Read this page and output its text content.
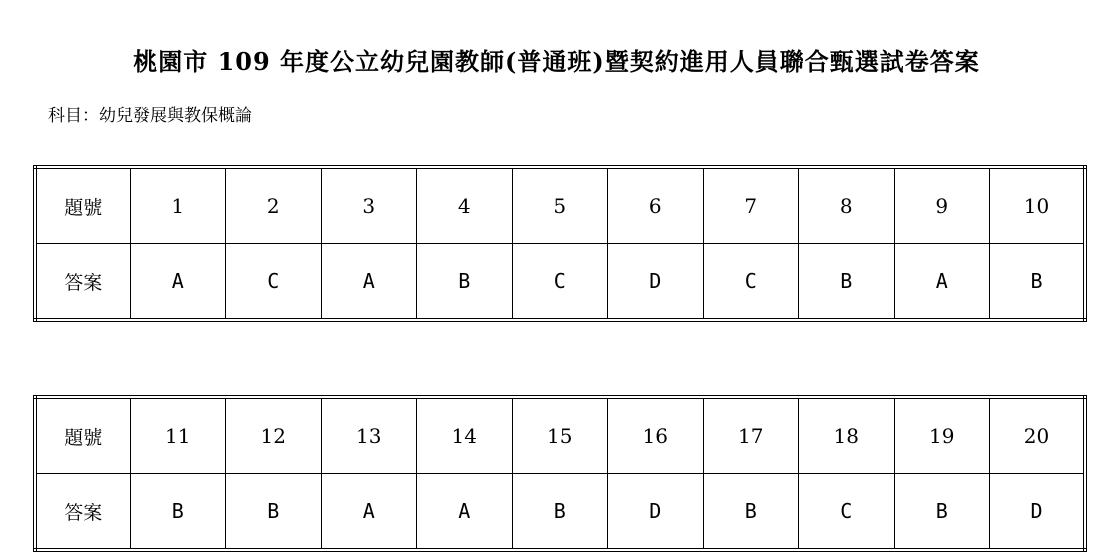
桃園市 109 年度公立幼兒園教師(普通班)暨契約進用人員聯合甄選試卷答案
科目：幼兒發展與教保概論
題號	1	2	3	4	5	6	7	8	9	10
答案	A	C	A	B	C	D	C	B	A	B
題號	11	12	13	14	15	16	17	18	19	20
答案	B	B	A	A	B	D	B	C	B	D
